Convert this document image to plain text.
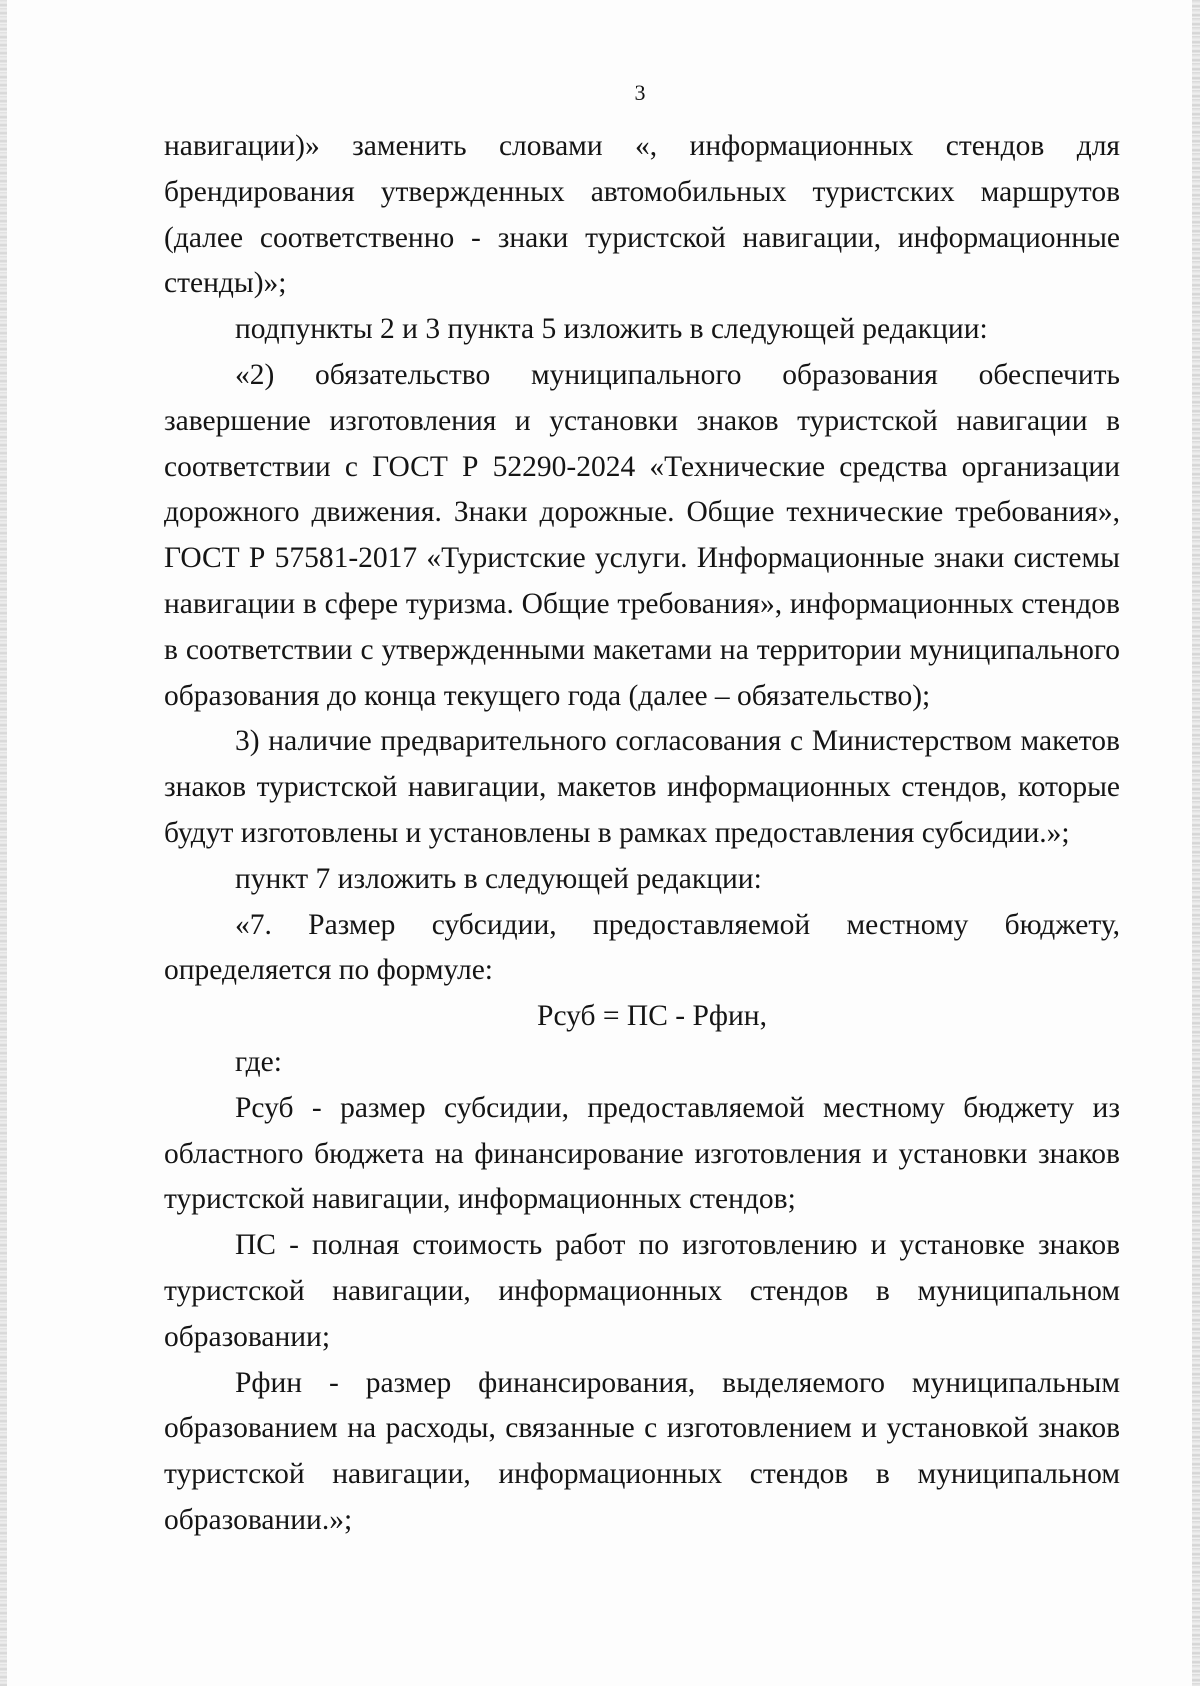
3

навигации)» заменить словами «, информационных стендов для брендирования утвержденных автомобильных туристских маршрутов (далее соответственно - знаки туристской навигации, информационные стенды)»;

подпункты 2 и 3 пункта 5 изложить в следующей редакции:

«2) обязательство муниципального образования обеспечить завершение изготовления и установки знаков туристской навигации в соответствии с ГОСТ Р 52290-2024 «Технические средства организации дорожного движения. Знаки дорожные. Общие технические требования», ГОСТ Р 57581-2017 «Туристские услуги. Информационные знаки системы навигации в сфере туризма. Общие требования», информационных стендов в соответствии с утвержденными макетами на территории муниципального образования до конца текущего года (далее – обязательство);

3) наличие предварительного согласования с Министерством макетов знаков туристской навигации, макетов информационных стендов, которые будут изготовлены и установлены в рамках предоставления субсидии.»;

пункт 7 изложить в следующей редакции:

«7. Размер субсидии, предоставляемой местному бюджету, определяется по формуле:

Рсуб = ПС - Рфин,

где:

Рсуб - размер субсидии, предоставляемой местному бюджету из областного бюджета на финансирование изготовления и установки знаков туристской навигации, информационных стендов;

ПС - полная стоимость работ по изготовлению и установке знаков туристской навигации, информационных стендов в муниципальном образовании;

Рфин - размер финансирования, выделяемого муниципальным образованием на расходы, связанные с изготовлением и установкой знаков туристской навигации, информационных стендов в муниципальном образовании.»;
